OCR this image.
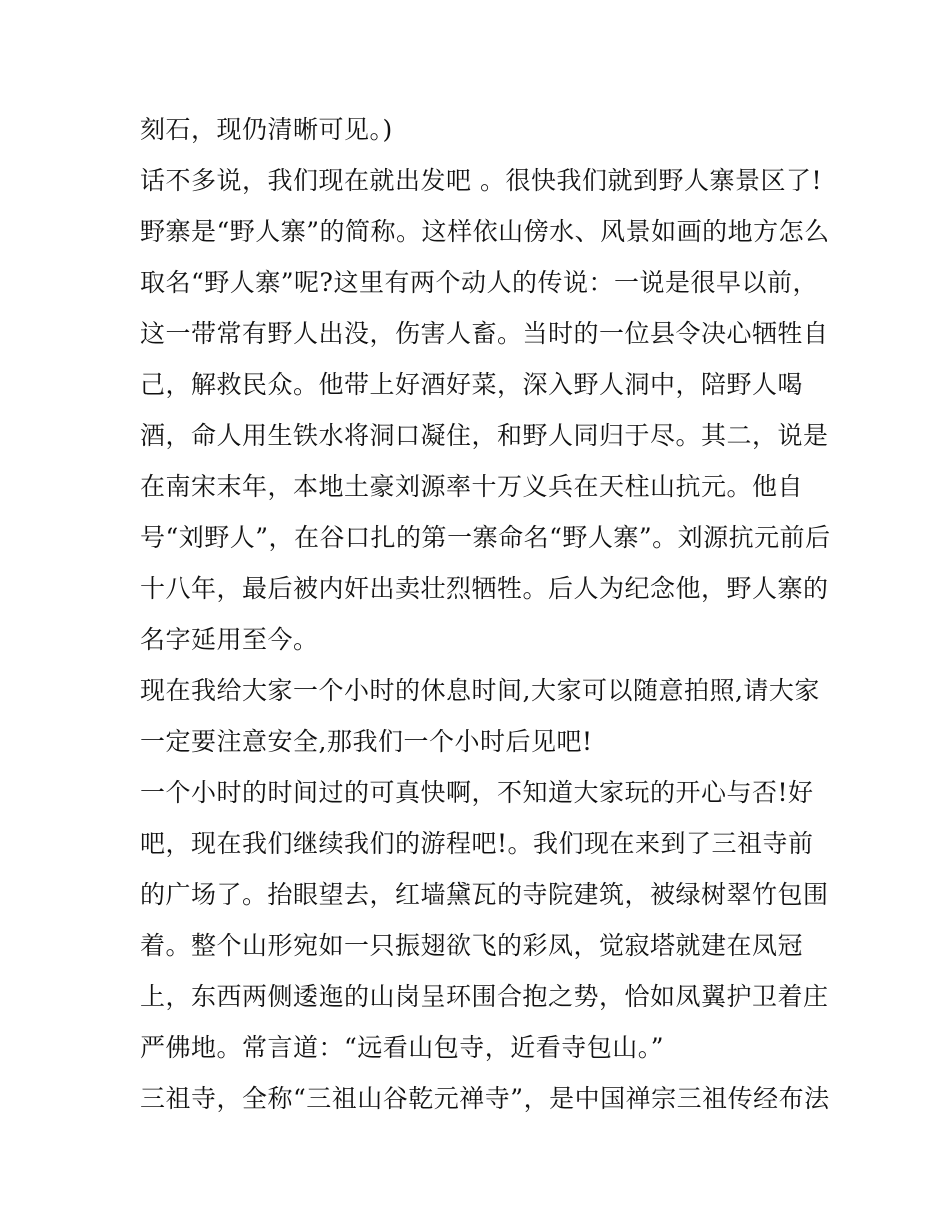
刻石，现仍清晰可见。)
话不多说，我们现在就出发吧 。很快我们就到野人寨景区了!
野寨是“野人寨”的简称。这样依山傍水、风景如画的地方怎么
取名“野人寨”呢?这里有两个动人的传说：一说是很早以前，
这一带常有野人出没，伤害人畜。当时的一位县令决心牺牲自
己，解救民众。他带上好酒好菜，深入野人洞中，陪野人喝
酒，命人用生铁水将洞口凝住，和野人同归于尽。其二，说是
在南宋末年，本地土豪刘源率十万义兵在天柱山抗元。他自
号“刘野人”，在谷口扎的第一寨命名“野人寨”。刘源抗元前后
十八年，最后被内奸出卖壮烈牺牲。后人为纪念他，野人寨的
名字延用至今。
现在我给大家一个小时的休息时间,大家可以随意拍照,请大家
一定要注意安全,那我们一个小时后见吧!
一个小时的时间过的可真快啊，不知道大家玩的开心与否!好
吧，现在我们继续我们的游程吧!。我们现在来到了三祖寺前
的广场了。抬眼望去，红墙黛瓦的寺院建筑，被绿树翠竹包围
着。整个山形宛如一只振翅欲飞的彩凤，觉寂塔就建在凤冠
上，东西两侧逶迤的山岗呈环围合抱之势，恰如凤翼护卫着庄
严佛地。常言道：“远看山包寺，近看寺包山。”
三祖寺，全称“三祖山谷乾元禅寺”，是中国禅宗三祖传经布法
